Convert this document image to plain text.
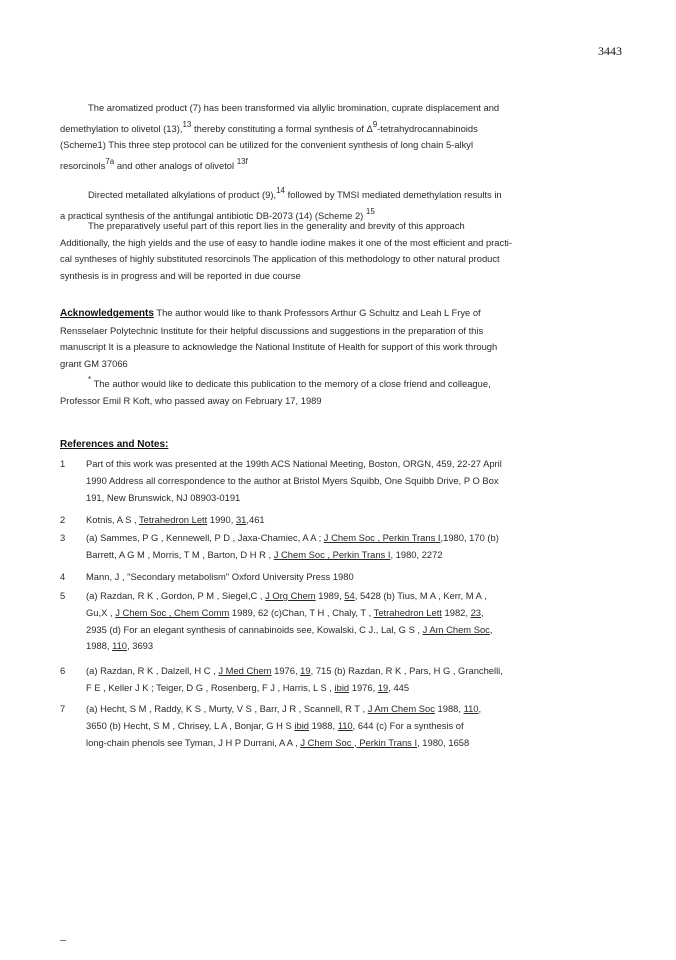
3443
The aromatized product (7) has been transformed via allylic bromination, cuprate displacement and
demethylation to olivetol (13),13 thereby constituting a formal synthesis of Δ9-tetrahydrocannabinoids
(Scheme1) This three step protocol can be utilized for the convenient synthesis of long chain 5-alkyl
resorcinols7a and other analogs of olivetol 13f
Directed metallated alkylations of product (9),14 followed by TMSI mediated demethylation results in
a practical synthesis of the antifungal antibiotic DB-2073 (14) (Scheme 2) 15
The preparatively useful part of this report lies in the generality and brevity of this approach
Additionally, the high yields and the use of easy to handle iodine makes it one of the most efficient and practi-
cal syntheses of highly substituted resorcinols The application of this methodology to other natural product
synthesis is in progress and will be reported in due course
Acknowledgements The author would like to thank Professors Arthur G Schultz and Leah L Frye of
Rensselaer Polytechnic Institute for their helpful discussions and suggestions in the preparation of this
manuscript It is a pleasure to acknowledge the National Institute of Health for support of this work through
grant GM 37066
* The author would like to dedicate this publication to the memory of a close friend and colleague,
Professor Emil R Koft, who passed away on February 17, 1989
References and Notes:
1 Part of this work was presented at the 199th ACS National Meeting, Boston, ORGN, 459, 22-27 April
1990 Address all correspondence to the author at Bristol Myers Squibb, One Squibb Drive, P O Box
191, New Brunswick, NJ 08903-0191
2 Kotnis, A S , Tetrahedron Lett 1990, 31,461
3 (a) Sammes, P G , Kennewell, P D , Jaxa-Chamiec, A A ; J Chem Soc , Perkin Trans I,1980, 170 (b)
Barrett, A G M , Morris, T M , Barton, D H R , J Chem Soc , Perkin Trans I, 1980, 2272
4 Mann, J , "Secondary metabolism" Oxford University Press 1980
5 (a) Razdan, R K , Gordon, P M , Siegel,C , J Org Chem 1989, 54, 5428 (b) Tius, M A , Kerr, M A ,
Gu,X , J Chem Soc , Chem Comm 1989, 62 (c)Chan, T H , Chaly, T , Tetrahedron Lett 1982, 23,
2935 (d) For an elegant synthesis of cannabinoids see, Kowalski, C J., Lal, G S , J Am Chem Soc,
1988, 110, 3693
6 (a) Razdan, R K , Dalzell, H C , J Med Chem 1976, 19, 715 (b) Razdan, R K , Pars, H G , Granchelli,
F E , Keller J K ; Teiger, D G , Rosenberg, F J , Harris, L S , ibid 1976, 19, 445
7 (a) Hecht, S M , Raddy, K S , Murty, V S , Barr, J R , Scannell, R T , J Am Chem Soc 1988, 110,
3650 (b) Hecht, S M , Chrisey, L A , Bonjar, G H S ibid 1988, 110, 644 (c) For a synthesis of
long-chain phenols see Tyman, J H P Durrani, A A , J Chem Soc , Perkin Trans I, 1980, 1658
